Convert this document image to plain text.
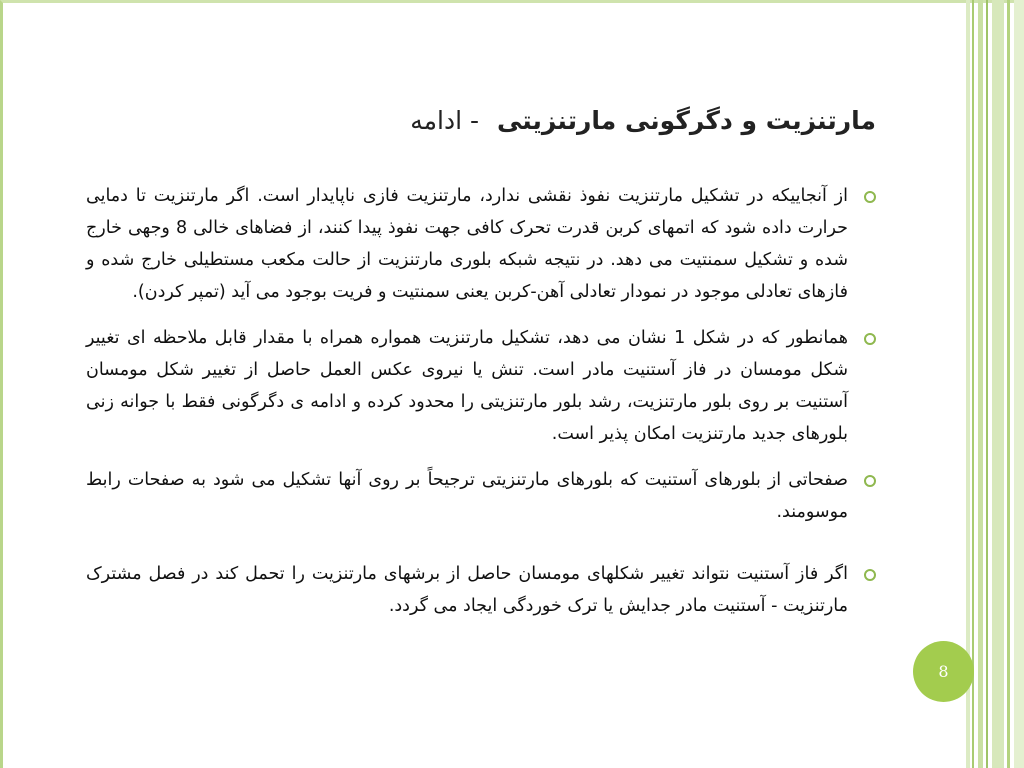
مارتنزیت و دگرگونی مارتنزیتی - ادامه
از آنجاییکه در تشکیل مارتنزیت نفوذ نقشی ندارد، مارتنزیت فازی ناپایدار است. اگر مارتنزیت تا دمایی حرارت داده شود که اتمهای کربن قدرت تحرک کافی جهت نفوذ پیدا کنند، از فضاهای خالی 8 وجهی خارج شده و تشکیل سمنتیت می دهد. در نتیجه شبکه بلوری مارتنزیت از حالت مکعب مستطیلی خارج شده و فازهای تعادلی موجود در نمودار تعادلی آهن-کربن یعنی سمنتیت و فریت بوجود می آید (تمپر کردن).
همانطور که در شکل 1 نشان می دهد، تشکیل مارتنزیت همواره همراه با مقدار قابل ملاحظه ای تغییر شکل مومسان در فاز آستنیت مادر است. تنش یا نیروی عکس العمل حاصل از تغییر شکل مومسان آستنیت بر روی بلور مارتنزیت، رشد بلور مارتنزیتی را محدود کرده و ادامه ی دگرگونی فقط با جوانه زنی بلورهای جدید مارتنزیت امکان پذیر است.
صفحاتی از بلورهای آستنیت که بلورهای مارتنزیتی ترجیحاً بر روی آنها تشکیل می شود به صفحات رابط موسومند.
اگر فاز آستنیت نتواند تغییر شکلهای مومسان حاصل از برشهای مارتنزیت را تحمل کند در فصل مشترک مارتنزیت - آستنیت مادر جدایش یا ترک خوردگی ایجاد می گردد.
8
